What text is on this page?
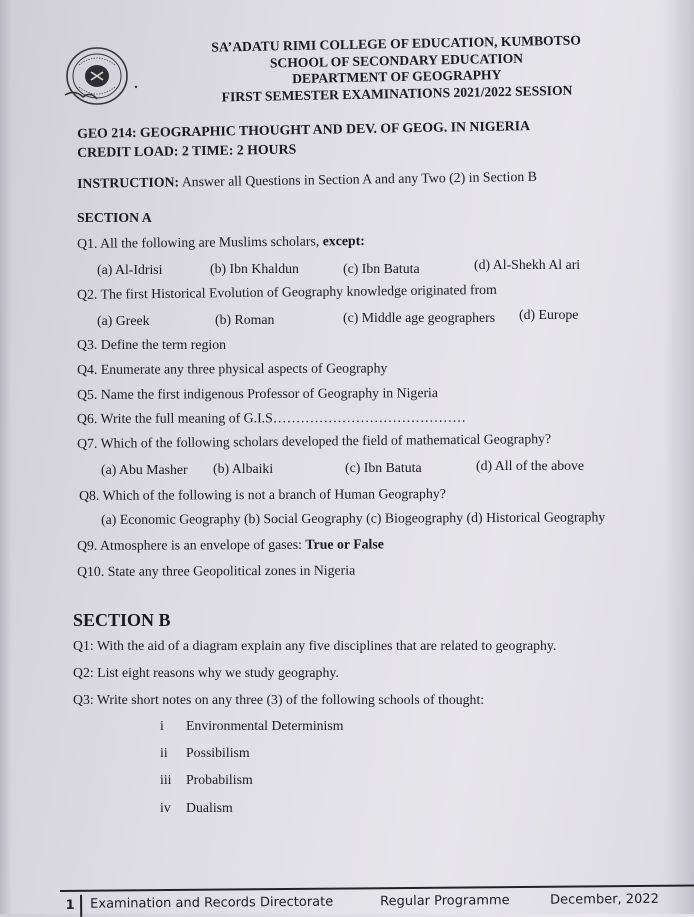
SA’ADATU RIMI COLLEGE OF EDUCATION, KUMBOTSO
SCHOOL OF SECONDARY EDUCATION
DEPARTMENT OF GEOGRAPHY
FIRST SEMESTER EXAMINATIONS 2021/2022 SESSION
GEO 214: GEOGRAPHIC THOUGHT AND DEV. OF GEOG. IN NIGERIA
CREDIT LOAD: 2 TIME: 2 HOURS
INSTRUCTION: Answer all Questions in Section A and any Two (2) in Section B
SECTION A
Q1. All the following are Muslims scholars, except:
(a) Al-Idrisi	(b) Ibn Khaldun	(c) Ibn Batuta	(d) Al-Shekh Al ari
Q2. The first Historical Evolution of Geography knowledge originated from
(a) Greek	(b) Roman	(c) Middle age geographers (d) Europe
Q3. Define the term region
Q4. Enumerate any three physical aspects of Geography
Q5. Name the first indigenous Professor of Geography in Nigeria
Q6. Write the full meaning of G.I.S……………………………………
Q7. Which of the following scholars developed the field of mathematical Geography?
(a) Abu Masher (b) Albaiki	(c) Ibn Batuta	(d) All of the above
Q8. Which of the following is not a branch of Human Geography?
(a) Economic Geography (b) Social Geography (c) Biogeography (d) Historical Geography
Q9. Atmosphere is an envelope of gases: True or False
Q10. State any three Geopolitical zones in Nigeria
SECTION B
Q1: With the aid of a diagram explain any five disciplines that are related to geography.
Q2: List eight reasons why we study geography.
Q3: Write short notes on any three (3) of the following schools of thought:
i Environmental Determinism
ii Possibilism
iii Probabilism
iv Dualism
1	Examination and Records Directorate	Regular Programme	December, 2022
